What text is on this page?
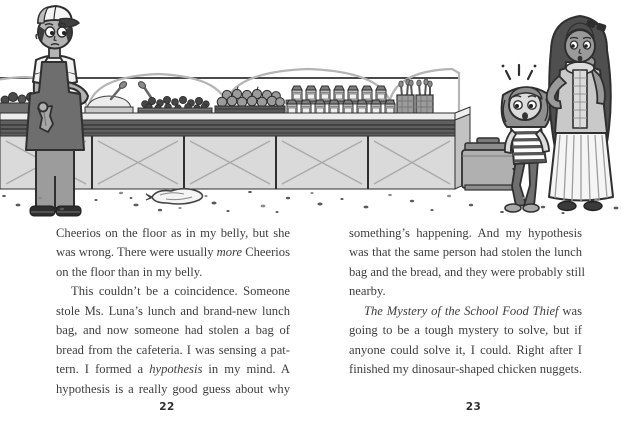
Cheerios on the floor as in my belly, but she
was wrong. There were usually more Cheerios
on the floor than in my belly.
This couldn’t be a coincidence. Someone
stole Ms. Luna’s lunch and brand-new lunch
bag, and now someone had stolen a bag of
bread from the cafeteria. I was sensing a pat-
tern. I formed a hypothesis in my mind. A
hypothesis is a really good guess about why
something’s happening. And my hypothesis
was that the same person had stolen the lunch
bag and the bread, and they were probably still
nearby.
The Mystery of the School Food Thief was
going to be a tough mystery to solve, but if
anyone could solve it, I could. Right after I
finished my dinosaur-shaped chicken nuggets.
22	23
